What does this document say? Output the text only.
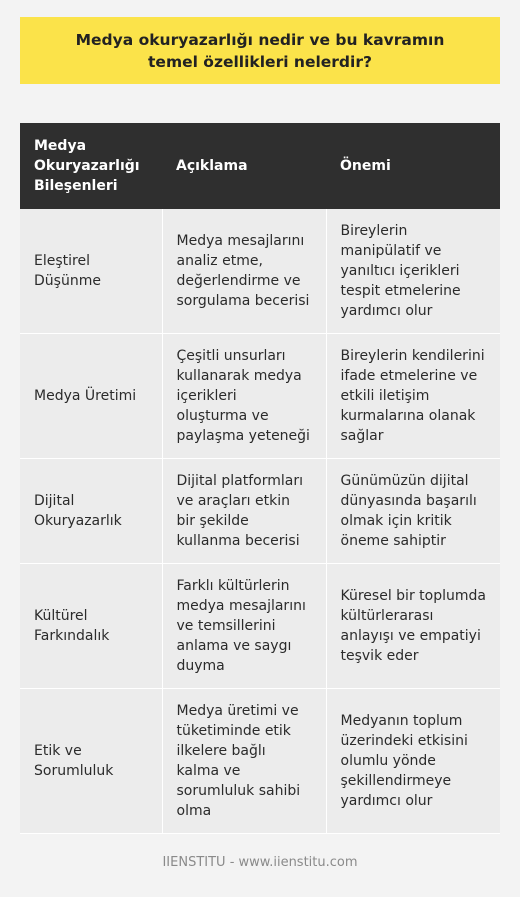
Medya okuryazarlığı nedir ve bu kavramın temel özellikleri nelerdir?
Medya Okuryazarlığı Bileşenleri	Açıklama	Önemi
Eleştirel Düşünme	Medya mesajlarını analiz etme, değerlendirme ve sorgulama becerisi	Bireylerin manipülatif ve yanıltıcı içerikleri tespit etmelerine yardımcı olur
Medya Üretimi	Çeşitli unsurları kullanarak medya içerikleri oluşturma ve paylaşma yeteneği	Bireylerin kendilerini ifade etmelerine ve etkili iletişim kurmalarına olanak sağlar
Dijital Okuryazarlık	Dijital platformları ve araçları etkin bir şekilde kullanma becerisi	Günümüzün dijital dünyasında başarılı olmak için kritik öneme sahiptir
Kültürel Farkındalık	Farklı kültürlerin medya mesajlarını ve temsillerini anlama ve saygı duyma	Küresel bir toplumda kültürlerarası anlayışı ve empatiyi teşvik eder
Etik ve Sorumluluk	Medya üretimi ve tüketiminde etik ilkelere bağlı kalma ve sorumluluk sahibi olma	Medyanın toplum üzerindeki etkisini olumlu yönde şekillendirmeye yardımcı olur
IIENSTITU - www.iienstitu.com
